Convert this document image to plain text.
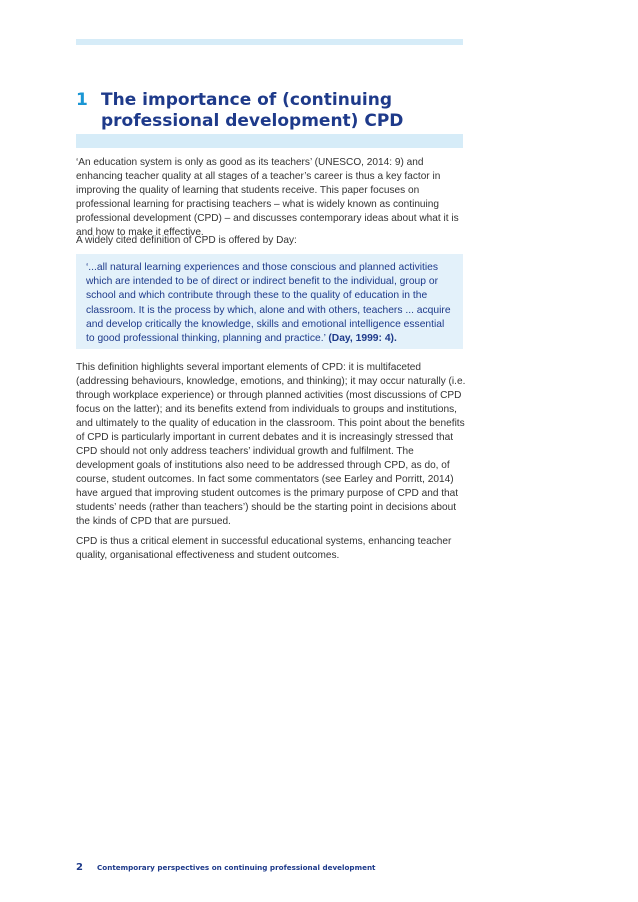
1 The importance of (continuing professional development) CPD

‘An education system is only as good as its teachers’ (UNESCO, 2014: 9) and enhancing teacher quality at all stages of a teacher’s career is thus a key factor in improving the quality of learning that students receive. This paper focuses on professional learning for practising teachers – what is widely known as continuing professional development (CPD) – and discusses contemporary ideas about what it is and how to make it effective.

A widely cited definition of CPD is offered by Day:

‘...all natural learning experiences and those conscious and planned activities which are intended to be of direct or indirect benefit to the individual, group or school and which contribute through these to the quality of education in the classroom. It is the process by which, alone and with others, teachers ... acquire and develop critically the knowledge, skills and emotional intelligence essential to good professional thinking, planning and practice.’ (Day, 1999: 4).

This definition highlights several important elements of CPD: it is multifaceted (addressing behaviours, knowledge, emotions, and thinking); it may occur naturally (i.e. through workplace experience) or through planned activities (most discussions of CPD focus on the latter); and its benefits extend from individuals to groups and institutions, and ultimately to the quality of education in the classroom. This point about the benefits of CPD is particularly important in current debates and it is increasingly stressed that CPD should not only address teachers’ individual growth and fulfilment. The development goals of institutions also need to be addressed through CPD, as do, of course, student outcomes. In fact some commentators (see Earley and Porritt, 2014) have argued that improving student outcomes is the primary purpose of CPD and that students’ needs (rather than teachers’) should be the starting point in decisions about the kinds of CPD that are pursued.

CPD is thus a critical element in successful educational systems, enhancing teacher quality, organisational effectiveness and student outcomes.

2	Contemporary perspectives on continuing professional development
